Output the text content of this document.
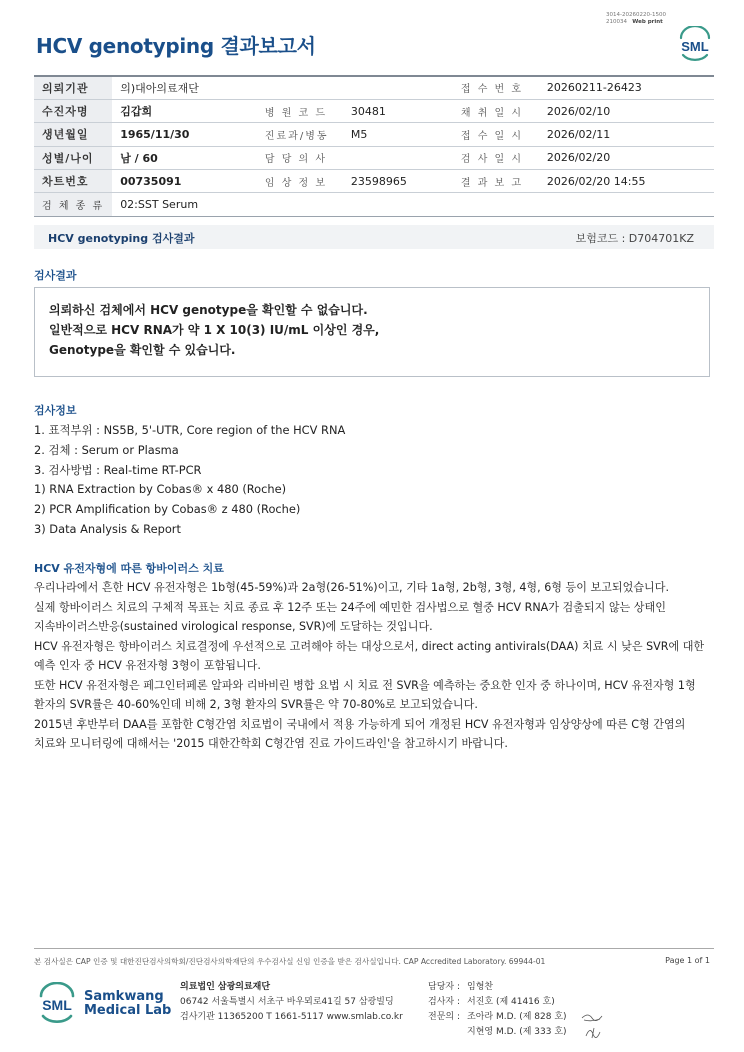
3014-20260220-1500
210034 Web print
HCV genotyping 결과보고서	SML
의뢰기관	의)대아의료재단			접 수 번 호	20260211-26423
수진자명	김갑희	병 원 코 드	30481	채 취 일 시	2026/02/10
생년월일	1965/11/30	진료과/병동	M5	접 수 일 시	2026/02/11
성별/나이	남 / 60	담 당 의 사		검 사 일 시	2026/02/20
차트번호	00735091	임 상 정 보	23598965	결 과 보 고	2026/02/20 14:55
검 체 종 류	02:SST Serum				
HCV genotyping 검사결과	보험코드 : D704701KZ
검사결과

의뢰하신 검체에서 HCV genotype을 확인할 수 없습니다.

일반적으로 HCV RNA가 약 1 X 10(3) IU/mL 이상인 경우,

Genotype을 확인할 수 있습니다.

검사정보
1. 표적부위 : NS5B, 5'-UTR, Core region of the HCV RNA
2. 검체 : Serum or Plasma
3. 검사방법 : Real-time RT-PCR
1) RNA Extraction by Cobas® x 480 (Roche)
2) PCR Amplification by Cobas® z 480 (Roche)
3) Data Analysis & Report
HCV 유전자형에 따른 항바이러스 치료
우리나라에서 흔한 HCV 유전자형은 1b형(45-59%)과 2a형(26-51%)이고, 기타 1a형, 2b형, 3형, 4형, 6형 등이 보고되었습니다.
실제 항바이러스 치료의 구체적 목표는 치료 종료 후 12주 또는 24주에 예민한 검사법으로 혈중 HCV RNA가 검출되지 않는 상태인
지속바이러스반응(sustained virological response, SVR)에 도달하는 것입니다.
HCV 유전자형은 항바이러스 치료결정에 우선적으로 고려해야 하는 대상으로서, direct acting antivirals(DAA) 치료 시 낮은 SVR에 대한
예측 인자 중 HCV 유전자형 3형이 포함됩니다.
또한 HCV 유전자형은 페그인터페론 알파와 리바비린 병합 요법 시 치료 전 SVR을 예측하는 중요한 인자 중 하나이며, HCV 유전자형 1형
환자의 SVR률은 40-60%인데 비해 2, 3형 환자의 SVR률은 약 70-80%로 보고되었습니다.
2015년 후반부터 DAA를 포함한 C형간염 치료법이 국내에서 적용 가능하게 되어 개정된 HCV 유전자형과 임상양상에 따른 C형 간염의
치료와 모니터링에 대해서는 '2015 대한간학회 C형간염 진료 가이드라인'을 참고하시기 바랍니다.
본 검사실은 CAP 인증 및 대한진단검사의학회/진단검사의학재단의 우수검사실 신임 인증을 받은 검사실입니다. CAP Accredited Laboratory. 69944-01	Page 1 of 1
SML
Samkwang
Medical Lab
의료법인 삼광의료재단
06742 서울특별시 서초구 바우뫼로41길 57 삼광빌딩
검사기관 11365200 T 1661-5117 www.smlab.co.kr
담당자 : 임형찬
검사자 : 서진호 (제 41416 호)
전문의 : 조아라 M.D. (제 828 호)
지현영 M.D. (제 333 호)
